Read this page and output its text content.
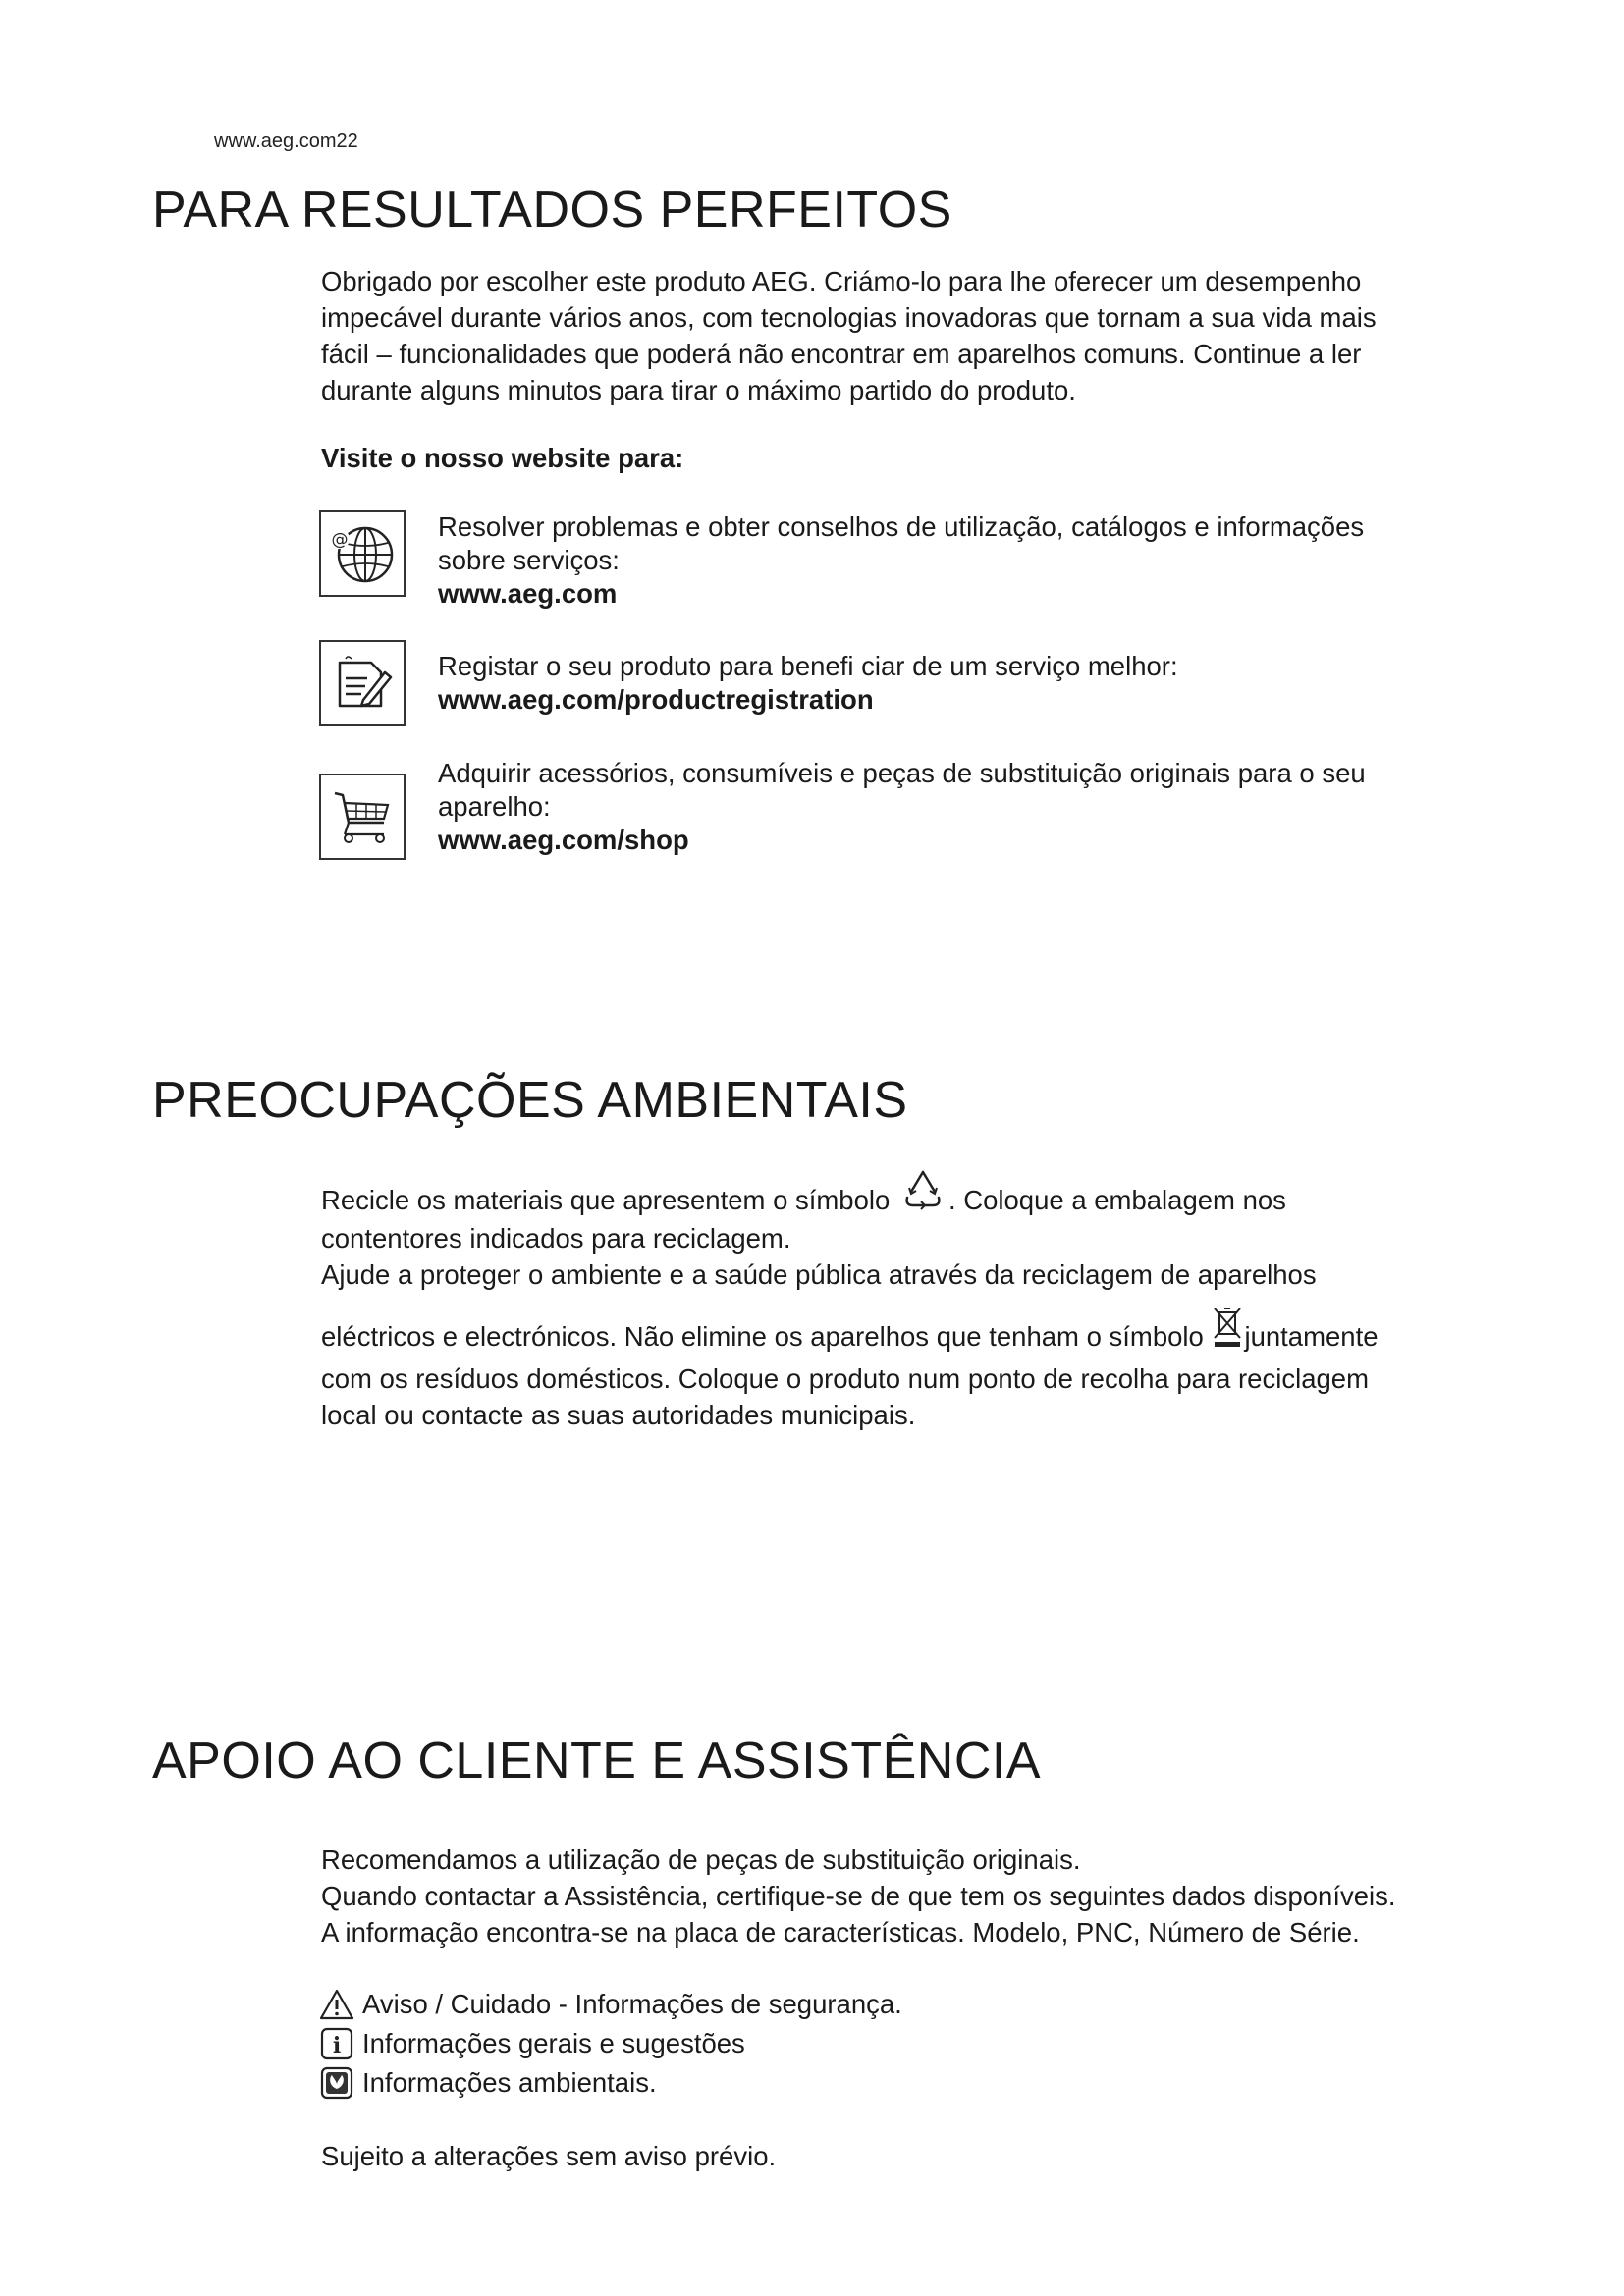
www.aeg.com22
PARA RESULTADOS PERFEITOS
Obrigado por escolher este produto AEG. Criámo-lo para lhe oferecer um desempenho
impecável durante vários anos, com tecnologias inovadoras que tornam a sua vida mais
fácil – funcionalidades que poderá não encontrar em aparelhos comuns. Continue a ler
durante alguns minutos para tirar o máximo partido do produto.
Visite o nosso website para:
@	Resolver problemas e obter conselhos de utilização, catálogos e informações
sobre serviços:
www.aeg.com
Registar o seu produto para benefi ciar de um serviço melhor:
www.aeg.com/productregistration
Adquirir acessórios, consumíveis e peças de substituição originais para o seu
aparelho:
www.aeg.com/shop
PREOCUPAÇÕES AMBIENTAIS
Recicle os materiais que apresentem o símbolo . Coloque a embalagem nos
contentores indicados para reciclagem.
Ajude a proteger o ambiente e a saúde pública através da reciclagem de aparelhos
eléctricos e electrónicos. Não elimine os aparelhos que tenham o símbolo juntamente
com os resíduos domésticos. Coloque o produto num ponto de recolha para reciclagem
local ou contacte as suas autoridades municipais.
APOIO AO CLIENTE E ASSISTÊNCIA
Recomendamos a utilização de peças de substituição originais.
Quando contactar a Assistência, certifique-se de que tem os seguintes dados disponíveis.
A informação encontra-se na placa de características. Modelo, PNC, Número de Série.
Aviso / Cuidado - Informações de segurança.
i Informações gerais e sugestões
Informações ambientais.
Sujeito a alterações sem aviso prévio.
